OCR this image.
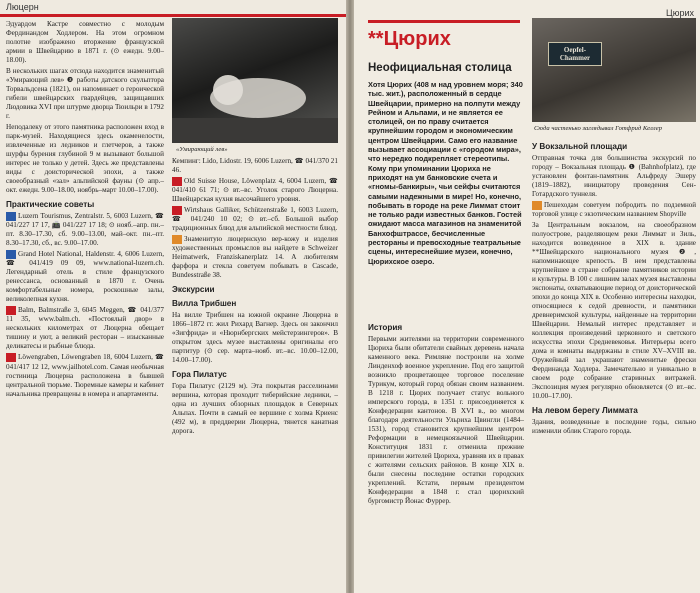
Люцерн

Эдуардом Кастре совместно с молодым Фердинандом Ходлером. На этом огромном полотне изображено вторжение французской армии в Швейцарию в 1871 г. (⊙ ежедн. 9.00–18.00).

В нескольких шагах отсюда находится знаменитый «Умирающий лев» ❸ работы датского скульптора Торвальдсена (1821), он напоминает о героической гибели швейцарских гвардейцев, защищавших Людовика XVI при штурме дворца Тюильри в 1792 г.

Неподалеку от этого памятника расположен вход в парк-музей. Находящиеся здесь окаменелости, извлеченные из ледников и глетчеров, а также шурфы бурения глубиной 9 м вызывают большой интерес не только у детей. Здесь же представлены виды с доисторической эпохи, а также своеобразный «зал» альпийской фауны (⊙ апр.–окт. ежедн. 9.00–18.00, ноябрь–март 10.00–17.00).

Практические советы

Luzern Tourismus, Zentralstr. 5, 6003 Luzern, ☎ 041/227 17 17, 📠 041/227 17 18; ⊙ нояб.–апр. пн.–пт. 8.30–17.30, сб. 9.00–13.00, май–окт. пн.–пт. 8.30–17.30, сб., вс. 9.00–17.00.

Grand Hotel National, Haldenstr. 4, 6006 Luzern, ☎ 041/419 09 09, www.national-luzern.ch. Легендарный отель в стиле французского ренессанса, основанный в 1870 г. Очень комфортабельные номера, роскошные залы, великолепная кухня.

Balm, Balmstraße 3, 6045 Meggen, ☎ 041/377 11 35, www.balm.ch. «Постоялый двор» в нескольких километрах от Люцерна обещает тишину и уют, а великий ресторан – изысканные деликатесы и рыбные блюда.

Löwengraben, Löwengraben 18, 6004 Luzern, ☎ 041/417 12 12, www.jailhotel.com. Самая необычная гостиница Люцерна расположена в бывшей центральной тюрьме. Тюремные камеры и кабинет начальника превращены в номера и апартаменты.

«Умирающий лев»

Кемпинг: Lido, Lidostr. 19, 6006 Luzern, ☎ 041/370 21 46.

Old Suisse House, Löwenplatz 4, 6004 Luzern, ☎ 041/410 61 71; ⊙ вт.–вс. Уголок старого Люцерна. Швейцарская кухня высочайшего уровня.

Wirtshaus Galliker, Schützenstraße 1, 6003 Luzern, ☎ 041/240 10 02; ⊙ вт.–сб. Большой выбор традиционных блюд для альпийской местности блюд.

Знаменитую люцернскую вер-кожу и изделия художественных промыслов вы найдете в Schweizer Heimatwerk, Franziskanerplatz 14. А любителям фарфора и стекла советуем побывать в Cascade, Bundesstraße 38.

Экскурсии
Вилла Трибшен

На вилле Трибшен на южной окраине Люцерна в 1866–1872 гг. жил Рихард Вагнер. Здесь он закончил «Зигфрида» и «Нюрнбергских мейстерзингеров». В открытом здесь музее выставлены оригиналы его партитур (⊙ сер. марта–нояб. вт.–вс. 10.00–12.00, 14.00–17.00).

Гора Пилатус

Гора Пилатус (2129 м). Эта покрытая расселинами вершина, которая проходит тиберийские ледники, – одна из лучших обзорных площадок в Северных Альпах. Почти в самый ее вершине с холма Криенс (492 м), в преддверии Люцерна, тянется канатная дорога.

Цюрих
**Цюрих
Неофициальная столица
Хотя Цюрих (408 м над уровнем моря; 340 тыс. жит.), расположенный в сердце Швейцарии, примерно на полпути между Рейном и Альпами, и не является ее столицей, он по праву считается крупнейшим городом и экономическим центром Швейцарии. Само его название вызывает ассоциации с «городом мира», что нередко подкрепляет стереотипы. Кому при упоминании Цюриха не приходят на ум банковские счета и «гномы-банкиры», чьи сейфы считаются самыми надежными в мире! Но, конечно, побывать в городе на реке Лиммат стоит не только ради известных банков. Гостей ожидают масса магазинов на знаменитой Банхофштрассе, бесчисленные рестораны и превосходные театральные сцены, интереснейшие музеи, конечно, Цюрихское озеро.
История

Первыми жителями на территории современного Цюриха были обитатели свайных деревень начала каменного века. Римляне построили на холме Линденхоф военное укрепление. Под его защитой возникло процветающее торговое поселение Турикум, который город обязан своим названием. В 1218 г. Цюрих получает статус вольного имперского города, в 1351 г. присоединяется к Конфедерации кантонов. В XVI в., во многом благодаря деятельности Ульриха Цвингли (1484–1531), город становится крупнейшим центром Реформации в немецкоязычной Швейцарии. Конституция 1831 г. отменила прежние привилегии жителей Цюриха, уравняв их в правах с жителями сельских районов. В конце XIX в. были снесены последние остатки городских укреплений. Кстати, первым президентом Конфедерации в 1848 г. стал цюрихский бургомистр Йонас Фуррер.

Oepfel-
Chammer
Сюда частенько заглядывал Готфрид Келлер
У Вокзальной площади

Отправная точка для большинства экскурсий по городу – Вокзальная площадь ❶ (Bahnhofplatz), где установлен фонтан-памятник Альфреду Эшеру (1819–1882), инициатору проведения Сен-Готардского туннеля.

Пешеходам советуем побродить по подземной торговой улице с экзотическим названием Shopville

За Центральным вокзалом, на своеобразном полуострове, разделяющем реки Лиммат и Зиль, находится возведенное в XIX в. здание **Швейцарского национального музея ❷, напоминающее крепость. В нем представлены крупнейшее в стране собрание памятников истории и культуры. В 100 с лишним залах музея выставлены экспонаты, охватывающие период от доисторической эпохи до конца XIX в. Особенно интересны находки, относящиеся к седой древности, и памятники древнеримской культуры, найденные на территории Швейцарии. Немалый интерес представляет и коллекция произведений церковного и светского искусства эпохи Средневековья. Интерьеры всего дома и комнаты выдержаны в стиле XV–XVIII вв. Оружейный зал украшают знаменитые фрески Фердинанда Ходлера. Замечательно и уникально в своем роде собрание старинных витражей. Экспозиция музея регулярно обновляется (⊙ вт.–вс. 10.00–17.00).

На левом берегу Лиммата

Здания, возведенные в последние годы, сильно изменили облик Старого города.
